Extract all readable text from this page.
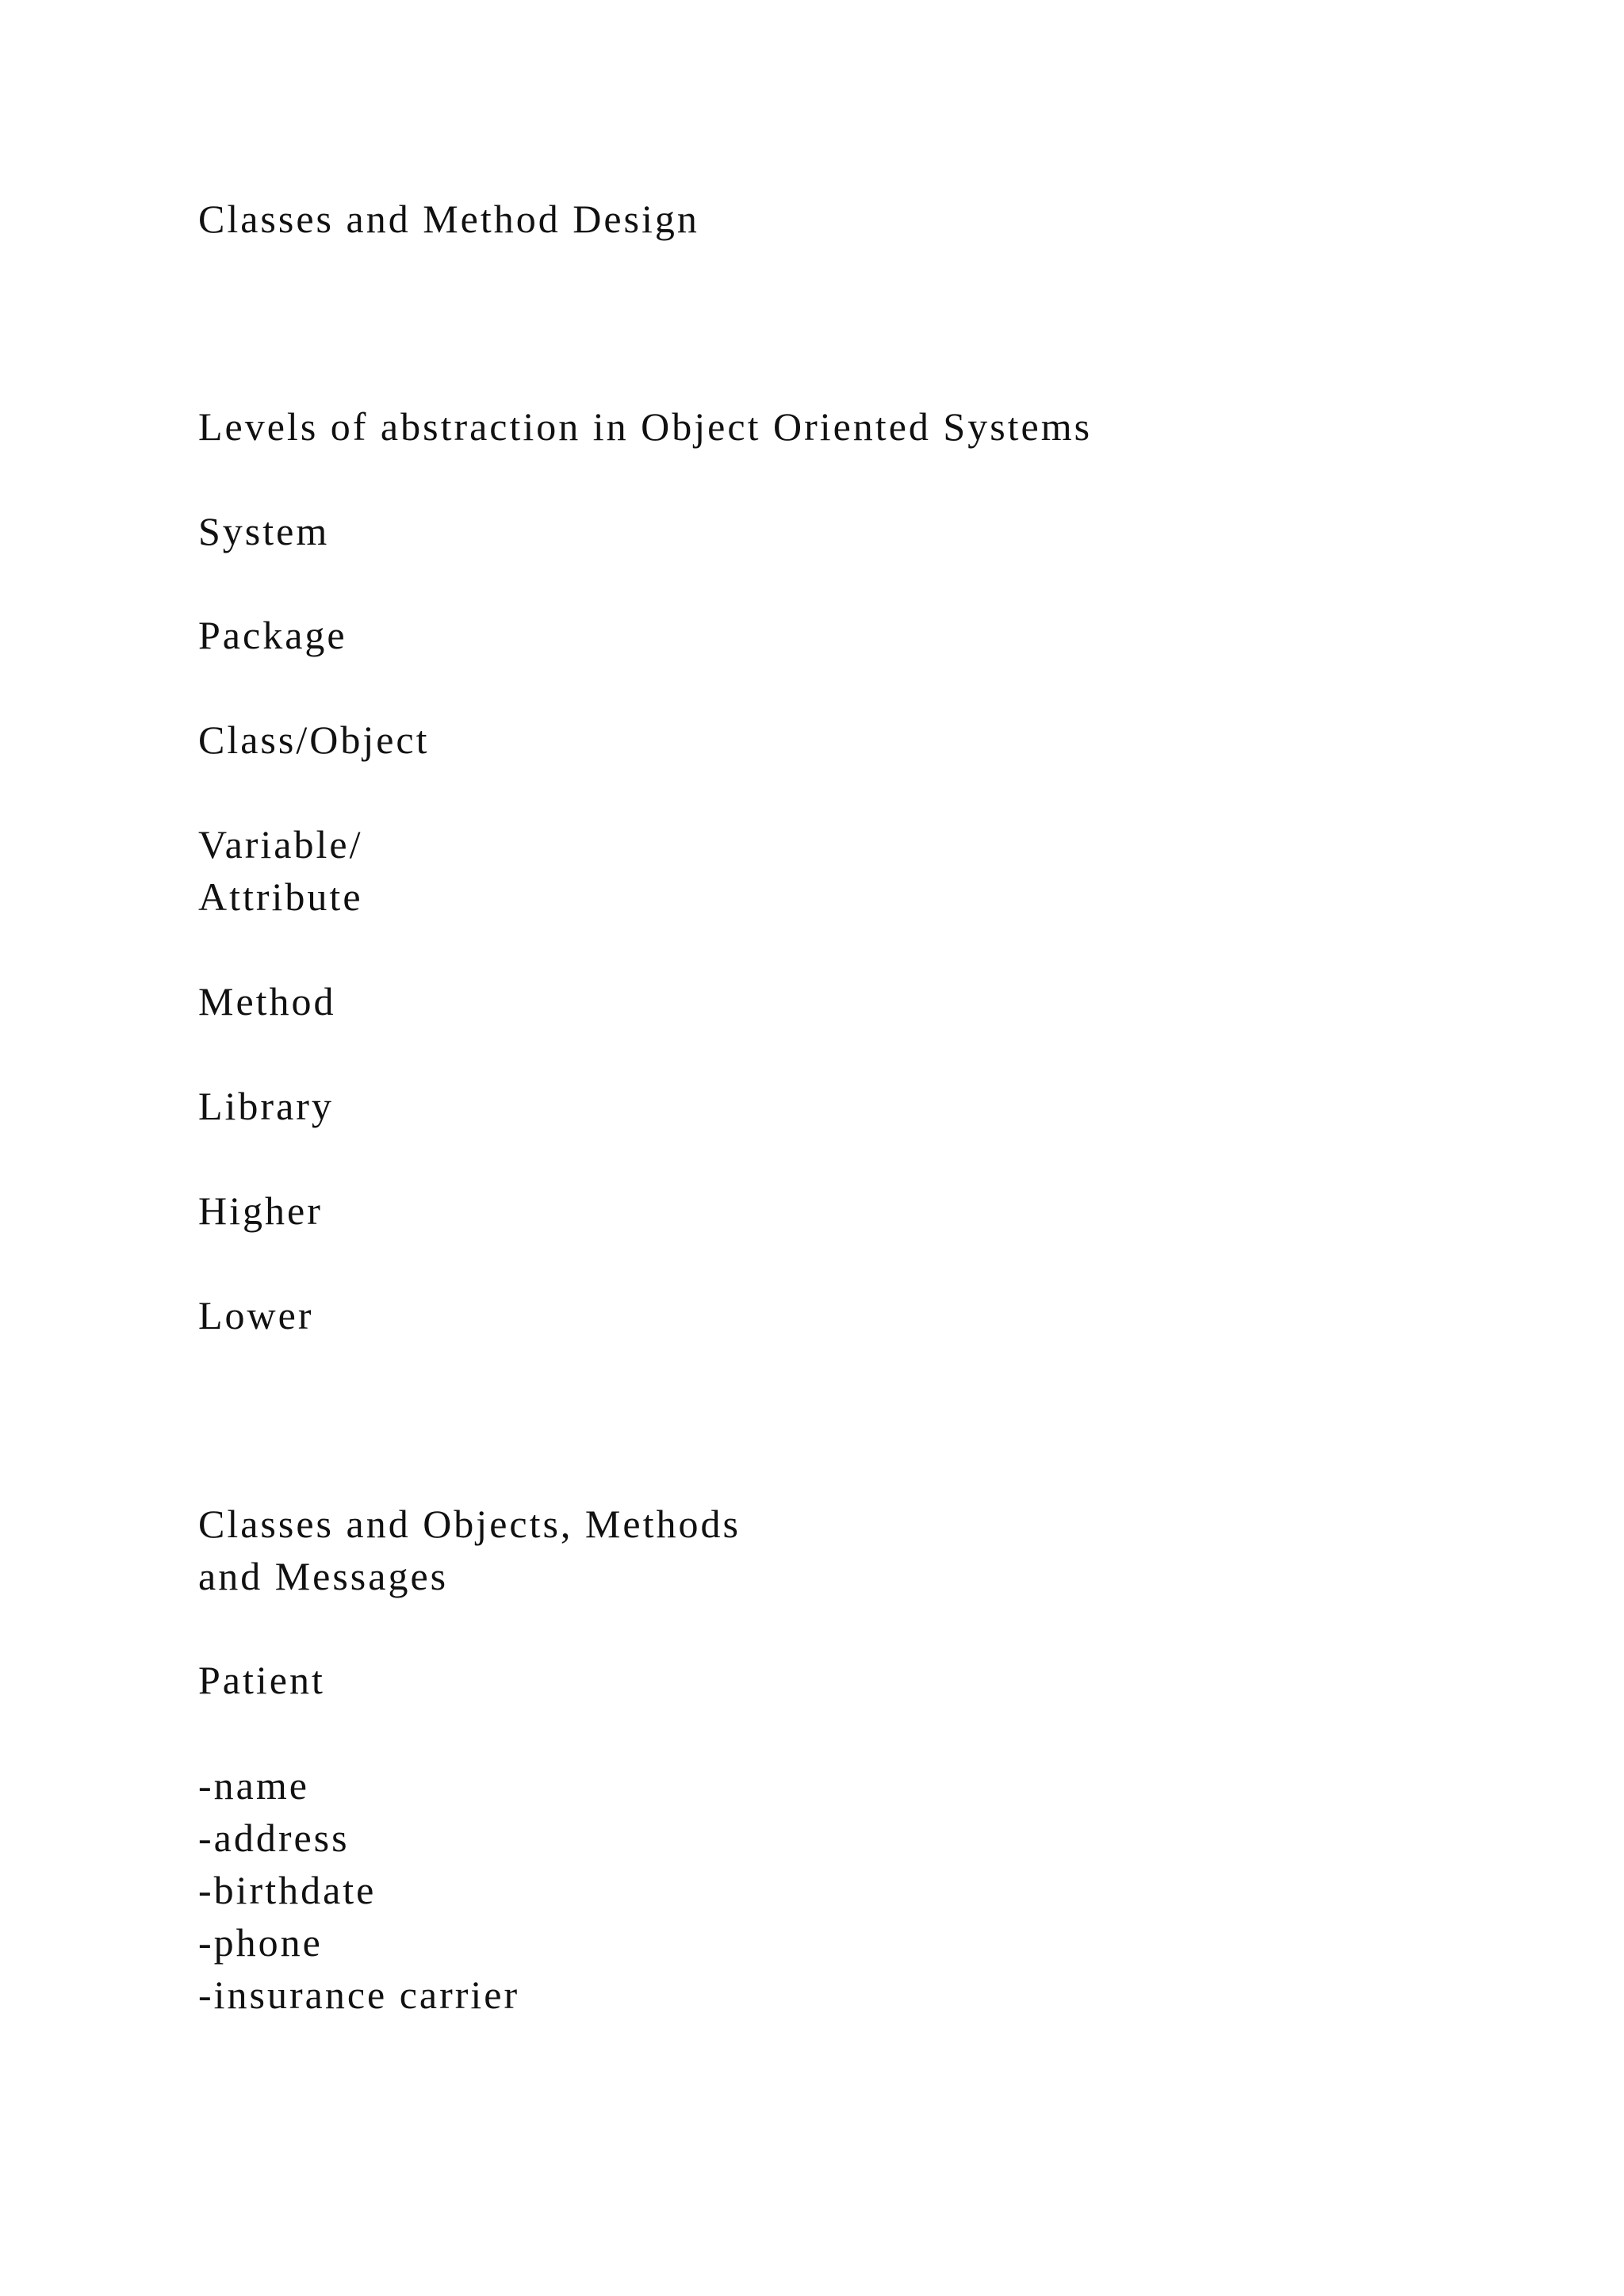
Classes and Method Design
Levels of abstraction in Object Oriented Systems

System

Package

Class/Object

Variable/

Attribute

Method

Library

Higher

Lower

Classes and Objects, Methods
and Messages

Patient

-name

-address

-birthdate

-phone

-insurance carrier
